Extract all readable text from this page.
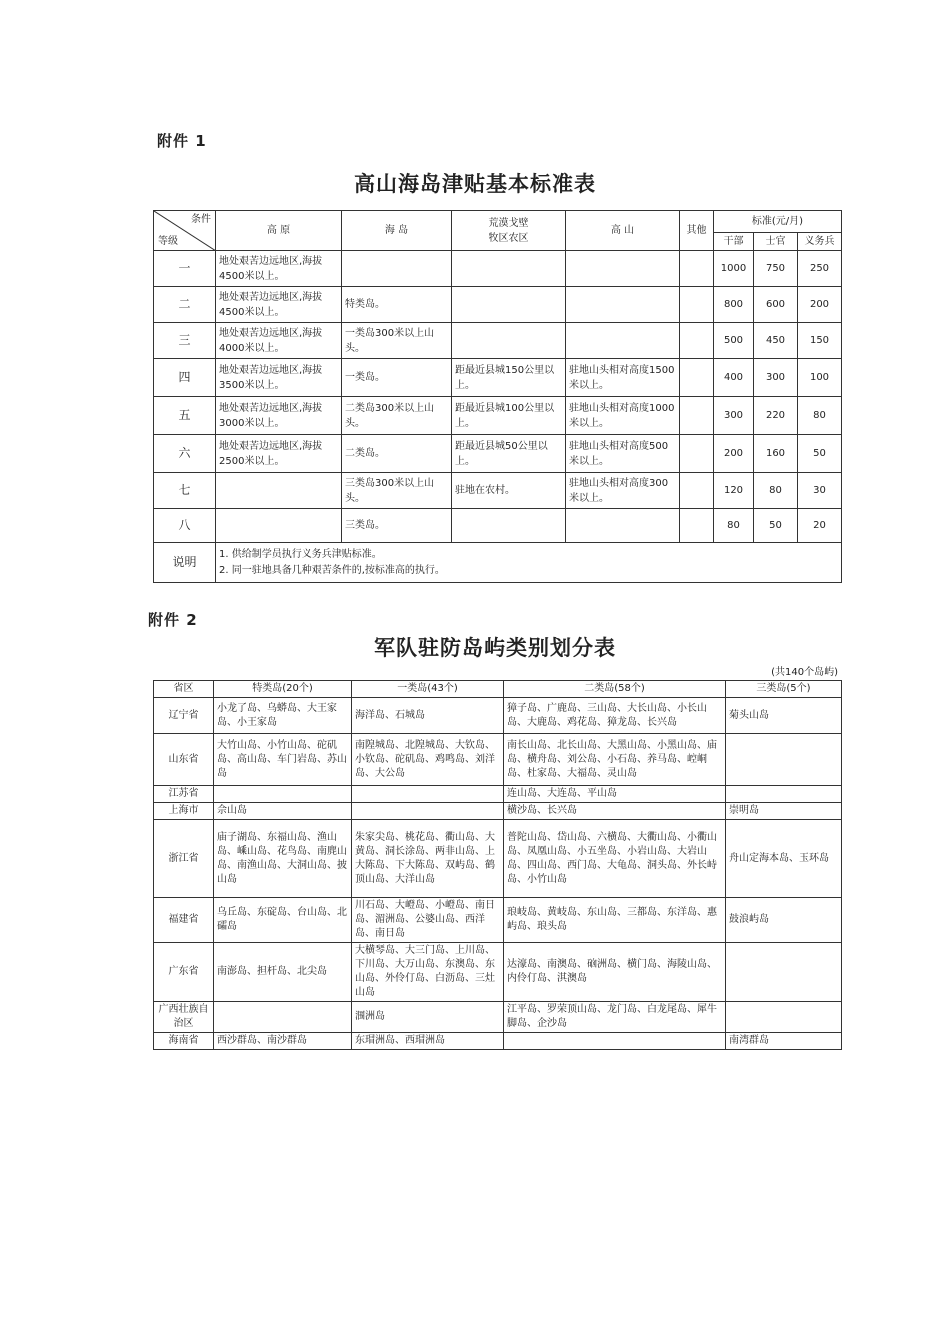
附件 1
高山海岛津贴基本标准表
条件
等级	高 原	海 岛	荒漠戈壁
牧区农区	高 山	其他	标准(元/月)		
						干部	士官	义务兵
一	地处艰苦边远地区,海拔4500米以上。					1000	750	250
二	地处艰苦边远地区,海拔4500米以上。	特类岛。				800	600	200
三	地处艰苦边远地区,海拔4000米以上。	一类岛300米以上山头。				500	450	150
四	地处艰苦边远地区,海拔3500米以上。	一类岛。	距最近县城150公里以上。	驻地山头相对高度1500米以上。		400	300	100
五	地处艰苦边远地区,海拔3000米以上。	二类岛300米以上山头。	距最近县城100公里以上。	驻地山头相对高度1000米以上。		300	220	80
六	地处艰苦边远地区,海拔2500米以上。	二类岛。	距最近县城50公里以上。	驻地山头相对高度500米以上。		200	160	50
七		三类岛300米以上山头。	驻地在农村。	驻地山头相对高度300米以上。		120	80	30
八		三类岛。				80	50	20
说明	1. 供给制学员执行义务兵津贴标准。
2. 同一驻地具备几种艰苦条件的,按标准高的执行。							
附件 2
军队驻防岛屿类别划分表
(共140个岛屿)
省区	特类岛(20个)	一类岛(43个)	二类岛(58个)	三类岛(5个)
辽宁省	小龙了岛、乌蟒岛、大王家岛、小王家岛	海洋岛、石城岛	獐子岛、广鹿岛、三山岛、大长山岛、小长山岛、大鹿岛、鸡花岛、獐龙岛、长兴岛	菊头山岛
山东省	大竹山岛、小竹山岛、砣矶岛、高山岛、车门岩岛、苏山岛	南隍城岛、北隍城岛、大钦岛、小钦岛、砣矶岛、鸡鸣岛、刘洋岛、大公岛	南长山岛、北长山岛、大黑山岛、小黑山岛、庙岛、横舟岛、刘公岛、小石岛、养马岛、崆峒岛、杜家岛、大福岛、灵山岛	
江苏省			连山岛、大连岛、平山岛	
上海市	佘山岛		横沙岛、长兴岛	崇明岛
浙江省	庙子湖岛、东福山岛、渔山岛、嵊山岛、花鸟岛、南麂山岛、南渔山岛、大洞山岛、披山岛	朱家尖岛、桃花岛、衢山岛、大黄岛、洞长涂岛、两非山岛、上大陈岛、下大陈岛、双屿岛、鹤顶山岛、大洋山岛	普陀山岛、岱山岛、六横岛、大衢山岛、小衢山岛、凤凰山岛、小五坐岛、小岩山岛、大岩山岛、四山岛、西门岛、大龟岛、洞头岛、外长峙岛、小竹山岛	舟山定海本岛、玉环岛
福建省	乌丘岛、东碇岛、台山岛、北礵岛	川石岛、大嶝岛、小嶝岛、南日岛、湄洲岛、公婆山岛、西洋岛、南日岛	琅岐岛、黄岐岛、东山岛、三都岛、东洋岛、惠屿岛、琅头岛	鼓浪屿岛
广东省	南澎岛、担杆岛、北尖岛	大横琴岛、大三门岛、上川岛、下川岛、大万山岛、东澳岛、东山岛、外伶仃岛、白沥岛、三灶山岛	达濠岛、南澳岛、硇洲岛、横门岛、海陵山岛、内伶仃岛、淇澳岛	
广西壮族自治区		涠洲岛	江平岛、罗荣顶山岛、龙门岛、白龙尾岛、犀牛脚岛、企沙岛	
海南省	西沙群岛、南沙群岛	东瑁洲岛、西瑁洲岛		南湾群岛
